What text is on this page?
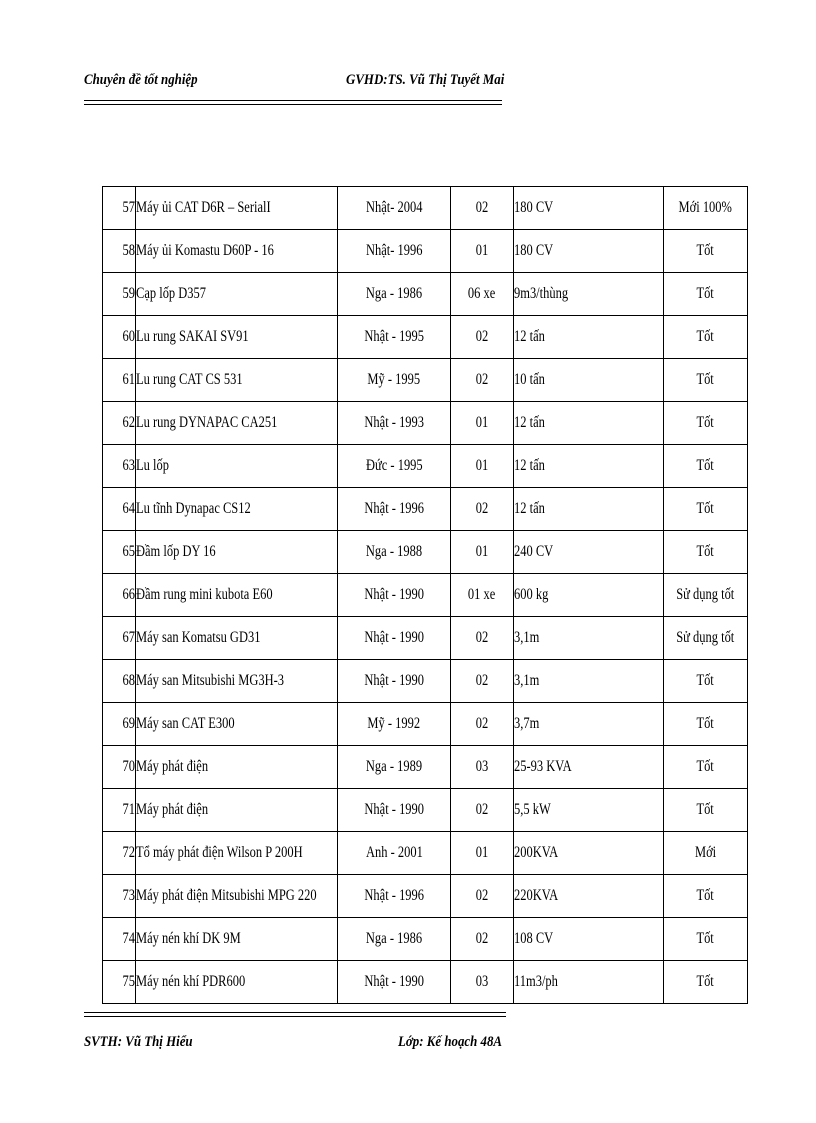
Chuyên đề tốt nghiệp	GVHD:TS. Vũ Thị Tuyết Mai
57	Máy ủi CAT D6R – SerialI	Nhật- 2004	02	180 CV	Mới 100%
58	Máy ủi Komastu D60P - 16	Nhật- 1996	01	180 CV	Tốt
59	Cạp lốp D357	Nga - 1986	06 xe	9m3/thùng	Tốt
60	Lu rung SAKAI SV91	Nhật - 1995	02	12 tấn	Tốt
61	Lu rung CAT CS 531	Mỹ - 1995	02	10 tấn	Tốt
62	Lu rung DYNAPAC CA251	Nhật - 1993	01	12 tấn	Tốt
63	Lu lốp	Đức - 1995	01	12 tấn	Tốt
64	Lu tĩnh Dynapac CS12	Nhật - 1996	02	12 tấn	Tốt
65	Đầm lốp DY 16	Nga - 1988	01	240 CV	Tốt
66	Đầm rung mini kubota E60	Nhật - 1990	01 xe	600 kg	Sử dụng tốt
67	Máy san Komatsu GD31	Nhật - 1990	02	3,1m	Sử dụng tốt
68	Máy san Mitsubishi MG3H-3	Nhật - 1990	02	3,1m	Tốt
69	Máy san CAT E300	Mỹ - 1992	02	3,7m	Tốt
70	Máy phát điện	Nga - 1989	03	25-93 KVA	Tốt
71	Máy phát điện	Nhật - 1990	02	5,5 kW	Tốt
72	Tổ máy phát điện Wilson P 200H	Anh - 2001	01	200KVA	Mới
73	Máy phát điện Mitsubishi MPG 220	Nhật - 1996	02	220KVA	Tốt
74	Máy nén khí DK 9M	Nga - 1986	02	108 CV	Tốt
75	Máy nén khí PDR600	Nhật - 1990	03	11m3/ph	Tốt
SVTH: Vũ Thị Hiểu	Lớp: Kế hoạch 48A
